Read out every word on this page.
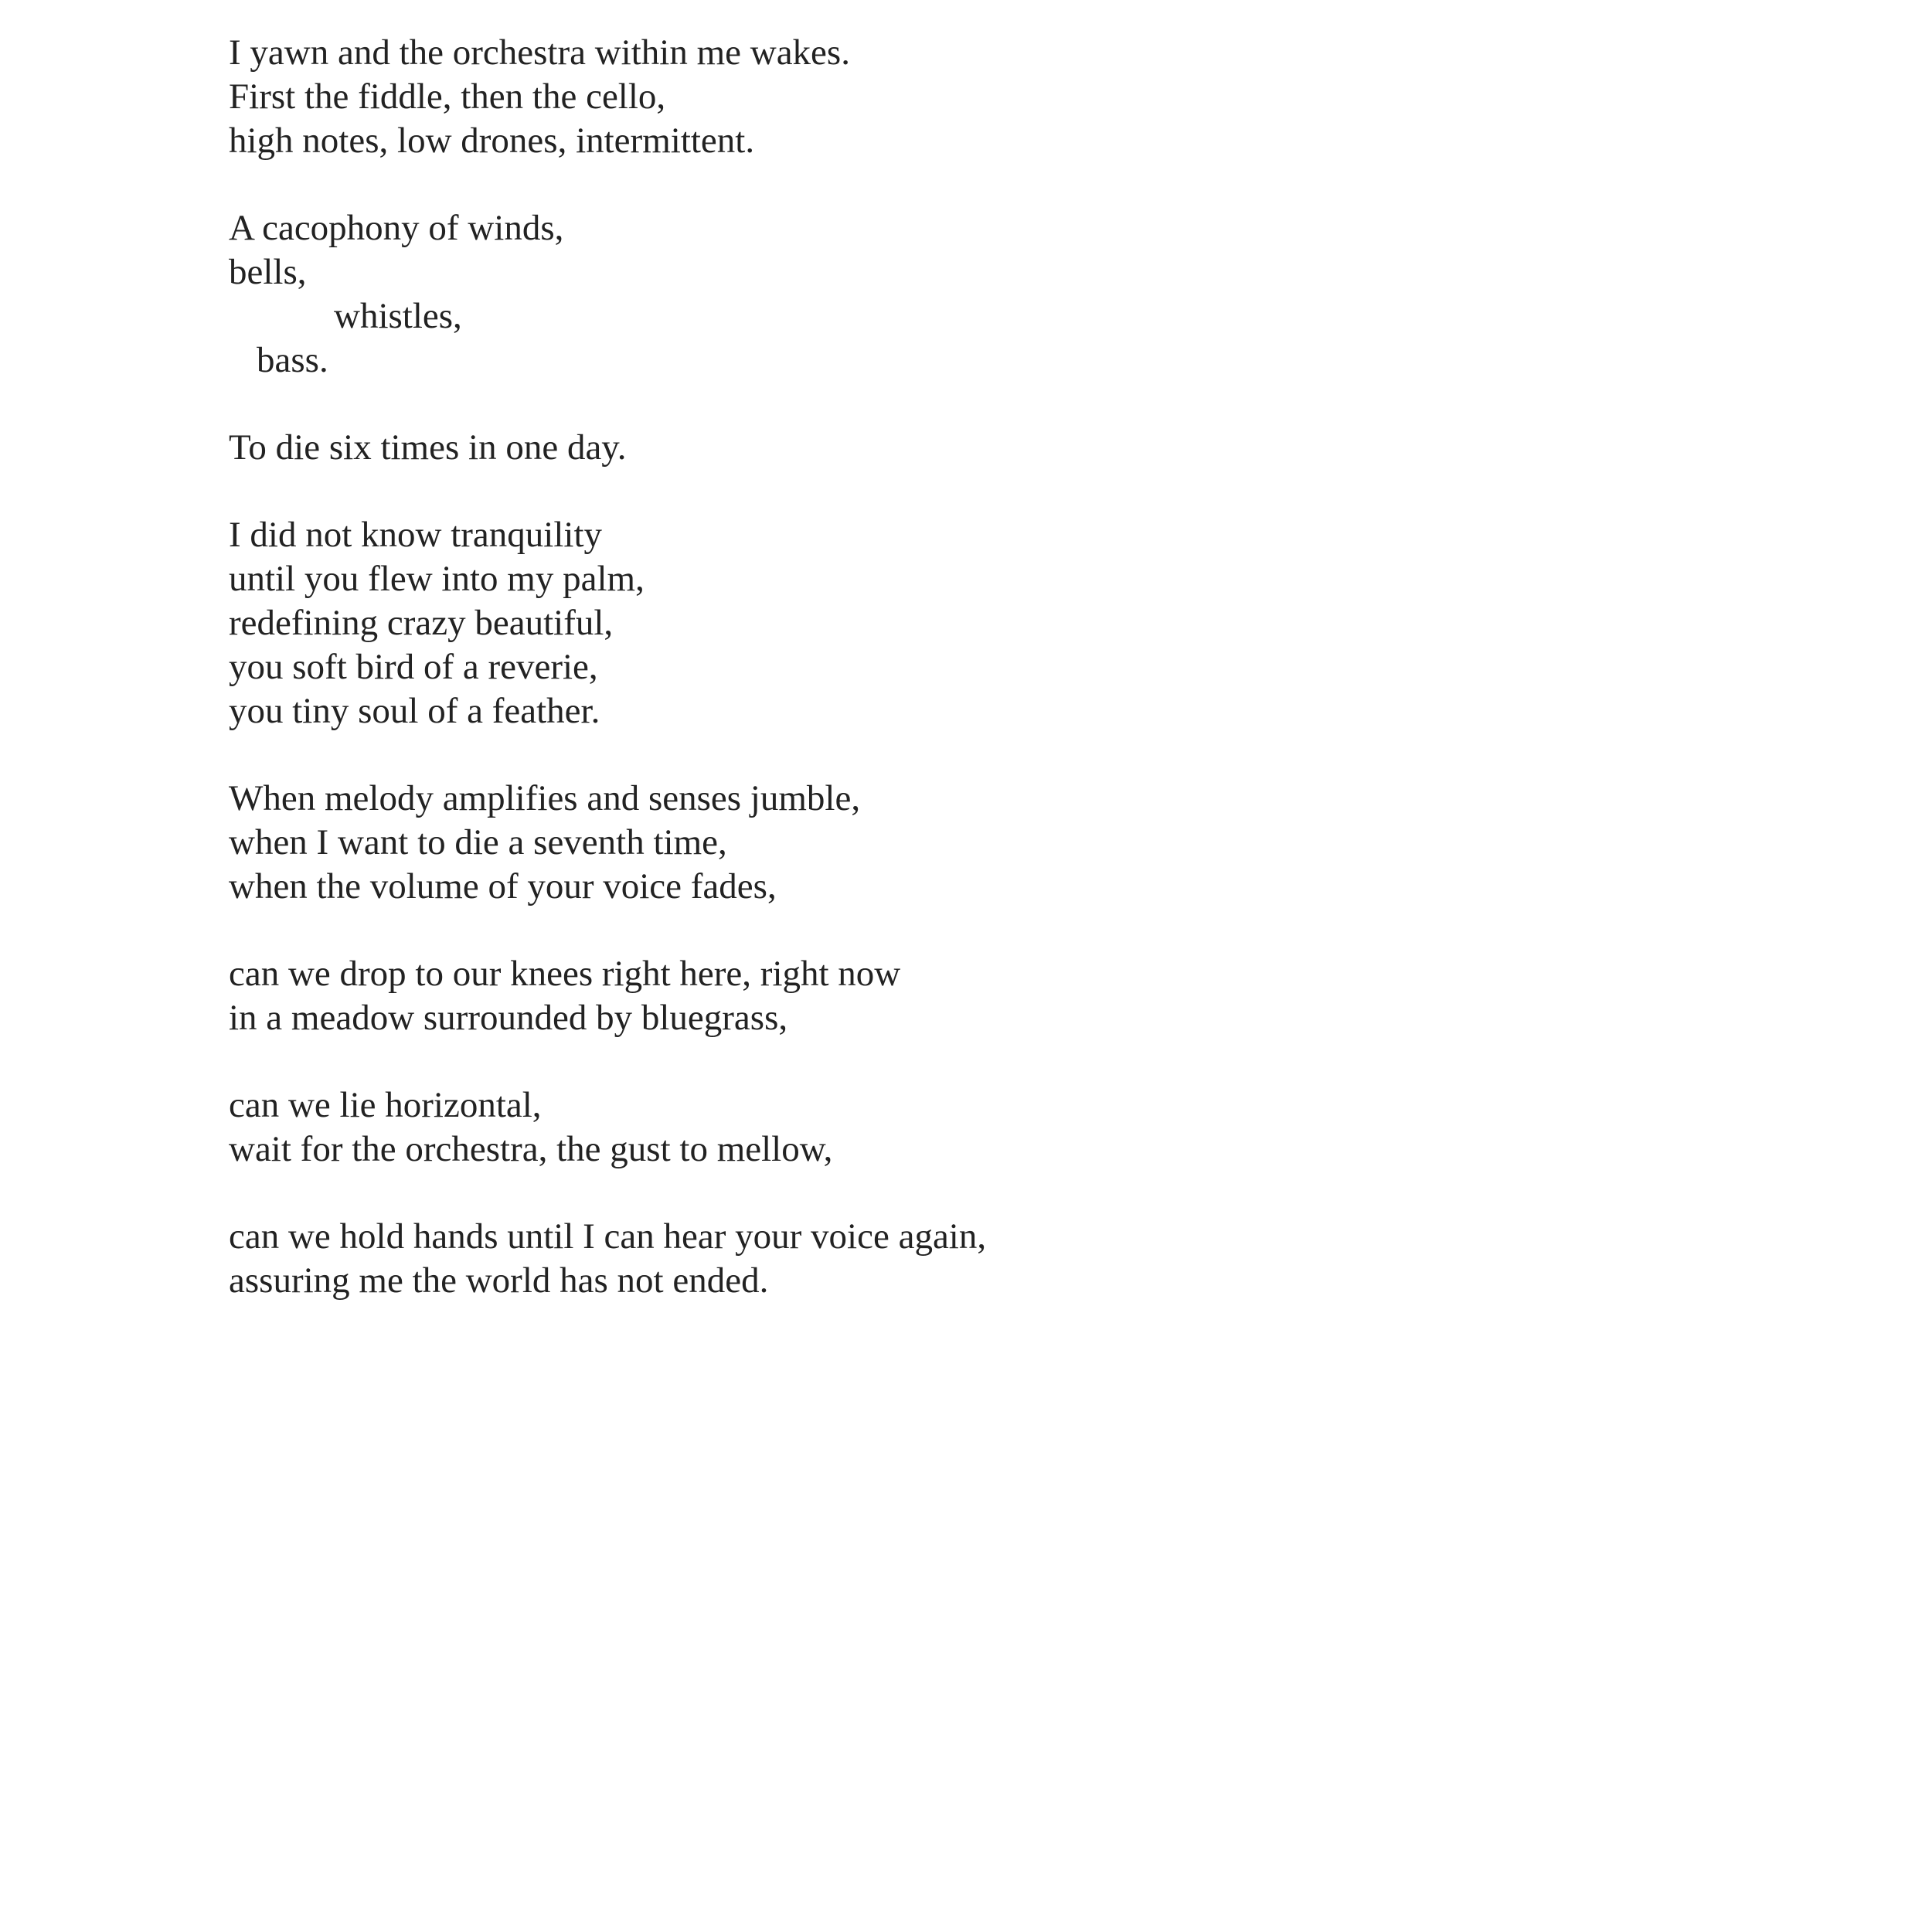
I yawn and the orchestra within me wakes.
First the fiddle, then the cello,
high notes, low drones, intermittent.
A cacophony of winds,
bells,
whistles,
bass.
To die six times in one day.
I did not know tranquility
until you flew into my palm,
redefining crazy beautiful,
you soft bird of a reverie,
you tiny soul of a feather.
When melody amplifies and senses jumble,
when I want to die a seventh time,
when the volume of your voice fades,
can we drop to our knees right here, right now
in a meadow surrounded by bluegrass,
can we lie horizontal,
wait for the orchestra, the gust to mellow,
can we hold hands until I can hear your voice again,
assuring me the world has not ended.
